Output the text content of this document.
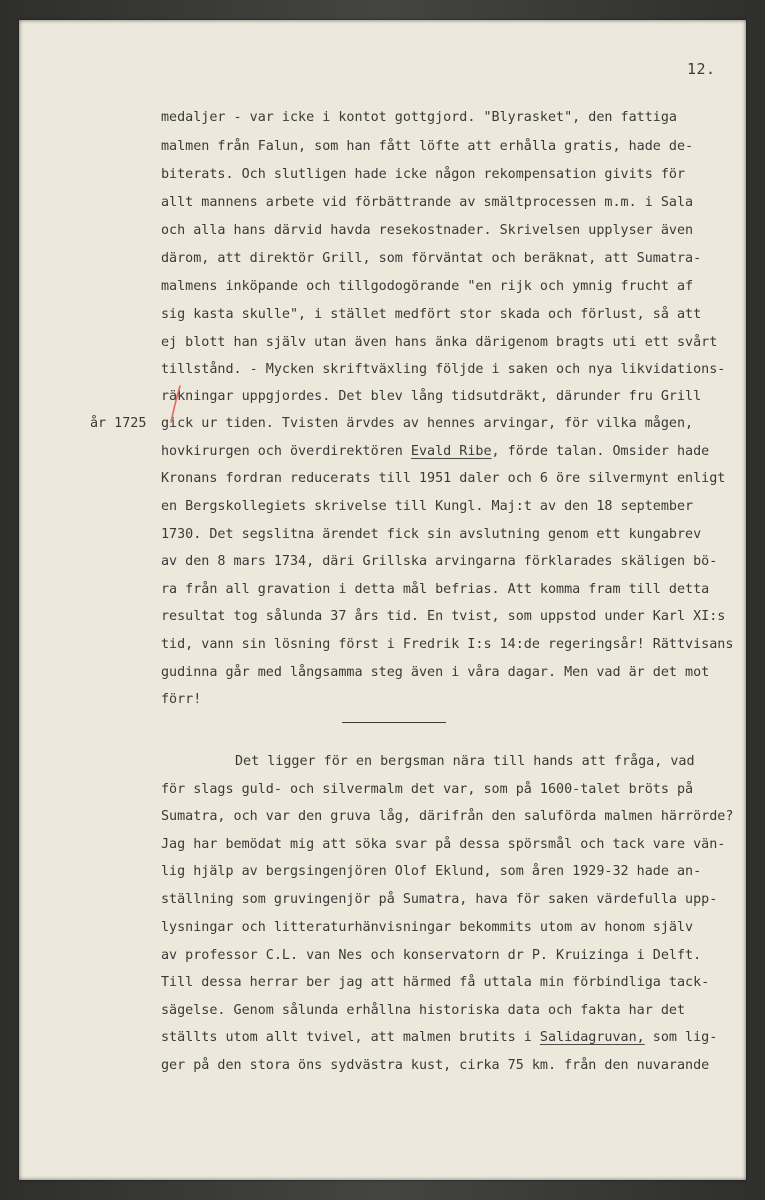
12.
medaljer - var icke i kontot gottgjord. "Blyrasket", den fattiga
malmen från Falun, som han fått löfte att erhålla gratis, hade de-
biterats. Och slutligen hade icke någon rekompensation givits för
allt mannens arbete vid förbättrande av smältprocessen m.m. i Sala
och alla hans därvid havda resekostnader. Skrivelsen upplyser även
därom, att direktör Grill, som förväntat och beräknat, att Sumatra-
malmens inköpande och tillgodogörande "en rijk och ymnig frucht af
sig kasta skulle", i stället medfört stor skada och förlust, så att
ej blott han själv utan även hans änka därigenom bragts uti ett svårt
tillstånd. - Mycken skriftväxling följde i saken och nya likvidations-
räkningar uppgjordes. Det blev lång tidsutdräkt, därunder fru Grill
år 1725 gick ur tiden. Tvisten ärvdes av hennes arvingar, för vilka mågen,
hovkirurgen och överdirektören Evald Ribe, förde talan. Omsider hade
Kronans fordran reducerats till 1951 daler och 6 öre silvermynt enligt
en Bergskollegiets skrivelse till Kungl. Maj:t av den 18 september
1730. Det segslitna ärendet fick sin avslutning genom ett kungabrev
av den 8 mars 1734, däri Grillska arvingarna förklarades skäligen bö-
ra från all gravation i detta mål befrias. Att komma fram till detta
resultat tog sålunda 37 års tid. En tvist, som uppstod under Karl XI:s
tid, vann sin lösning först i Fredrik I:s 14:de regeringsår! Rättvisans
gudinna går med långsamma steg även i våra dagar. Men vad är det mot
förr!
Det ligger för en bergsman nära till hands att fråga, vad
för slags guld- och silvermalm det var, som på 1600-talet bröts på
Sumatra, och var den gruva låg, därifrån den saluförda malmen härrörde?
Jag har bemödat mig att söka svar på dessa spörsmål och tack vare vän-
lig hjälp av bergsingenjören Olof Eklund, som åren 1929-32 hade an-
ställning som gruvingenjör på Sumatra, hava för saken värdefulla upp-
lysningar och litteraturhänvisningar bekommits utom av honom själv
av professor C.L. van Nes och konservatorn dr P. Kruizinga i Delft.
Till dessa herrar ber jag att härmed få uttala min förbindliga tack-
sägelse. Genom sålunda erhållna historiska data och fakta har det
ställts utom allt tvivel, att malmen brutits i Salidagruvan, som lig-
ger på den stora öns sydvästra kust, cirka 75 km. från den nuvarande
